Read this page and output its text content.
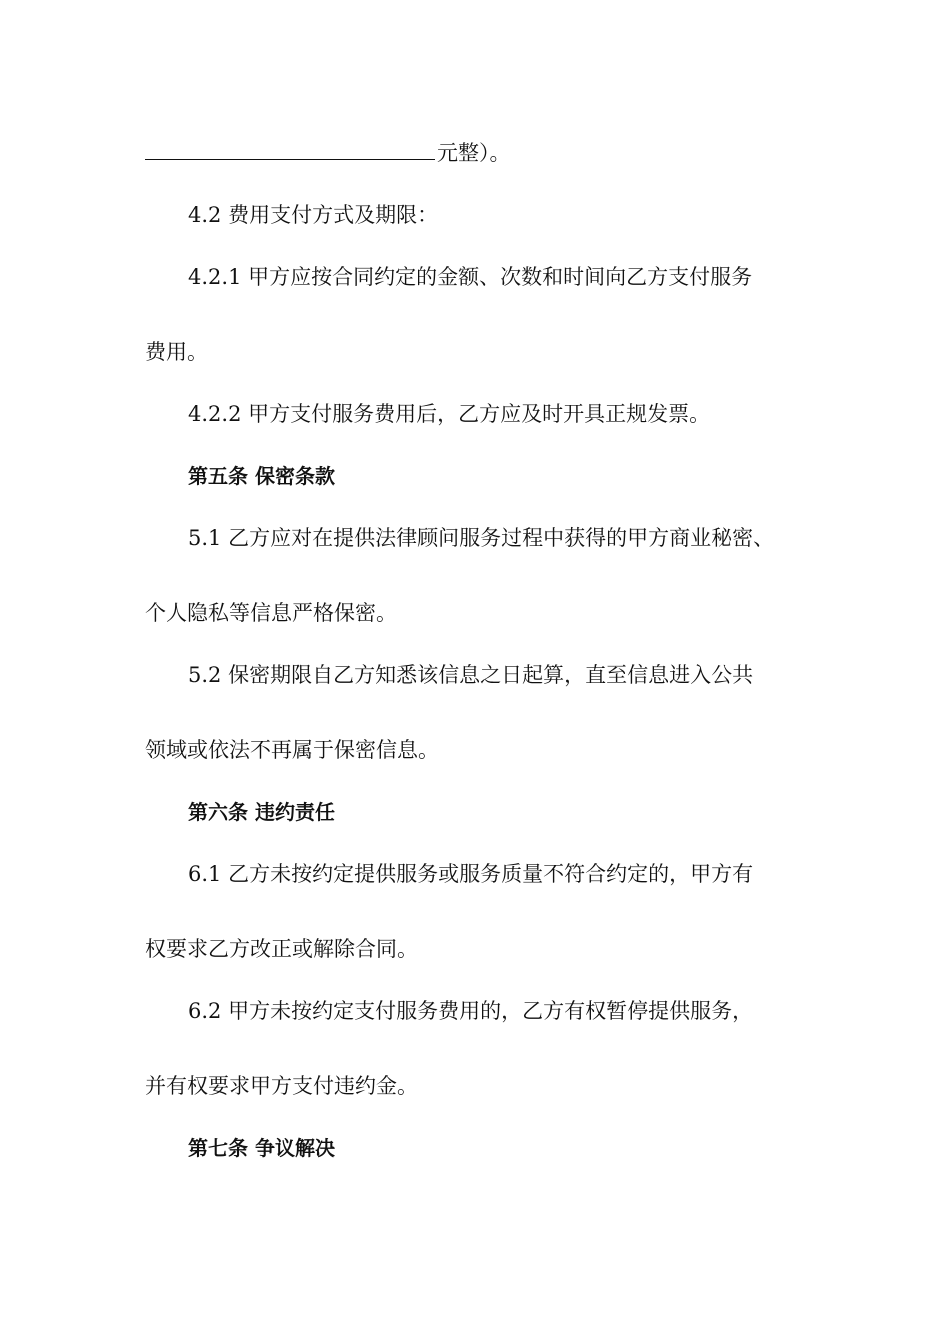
元整）。
4.2 费用支付方式及期限：
4.2.1 甲方应按合同约定的金额、次数和时间向乙方支付服务
费用。
4.2.2 甲方支付服务费用后，乙方应及时开具正规发票。
第五条 保密条款
5.1 乙方应对在提供法律顾问服务过程中获得的甲方商业秘密、
个人隐私等信息严格保密。
5.2 保密期限自乙方知悉该信息之日起算，直至信息进入公共
领域或依法不再属于保密信息。
第六条 违约责任
6.1 乙方未按约定提供服务或服务质量不符合约定的，甲方有
权要求乙方改正或解除合同。
6.2 甲方未按约定支付服务费用的，乙方有权暂停提供服务，
并有权要求甲方支付违约金。
第七条 争议解决
